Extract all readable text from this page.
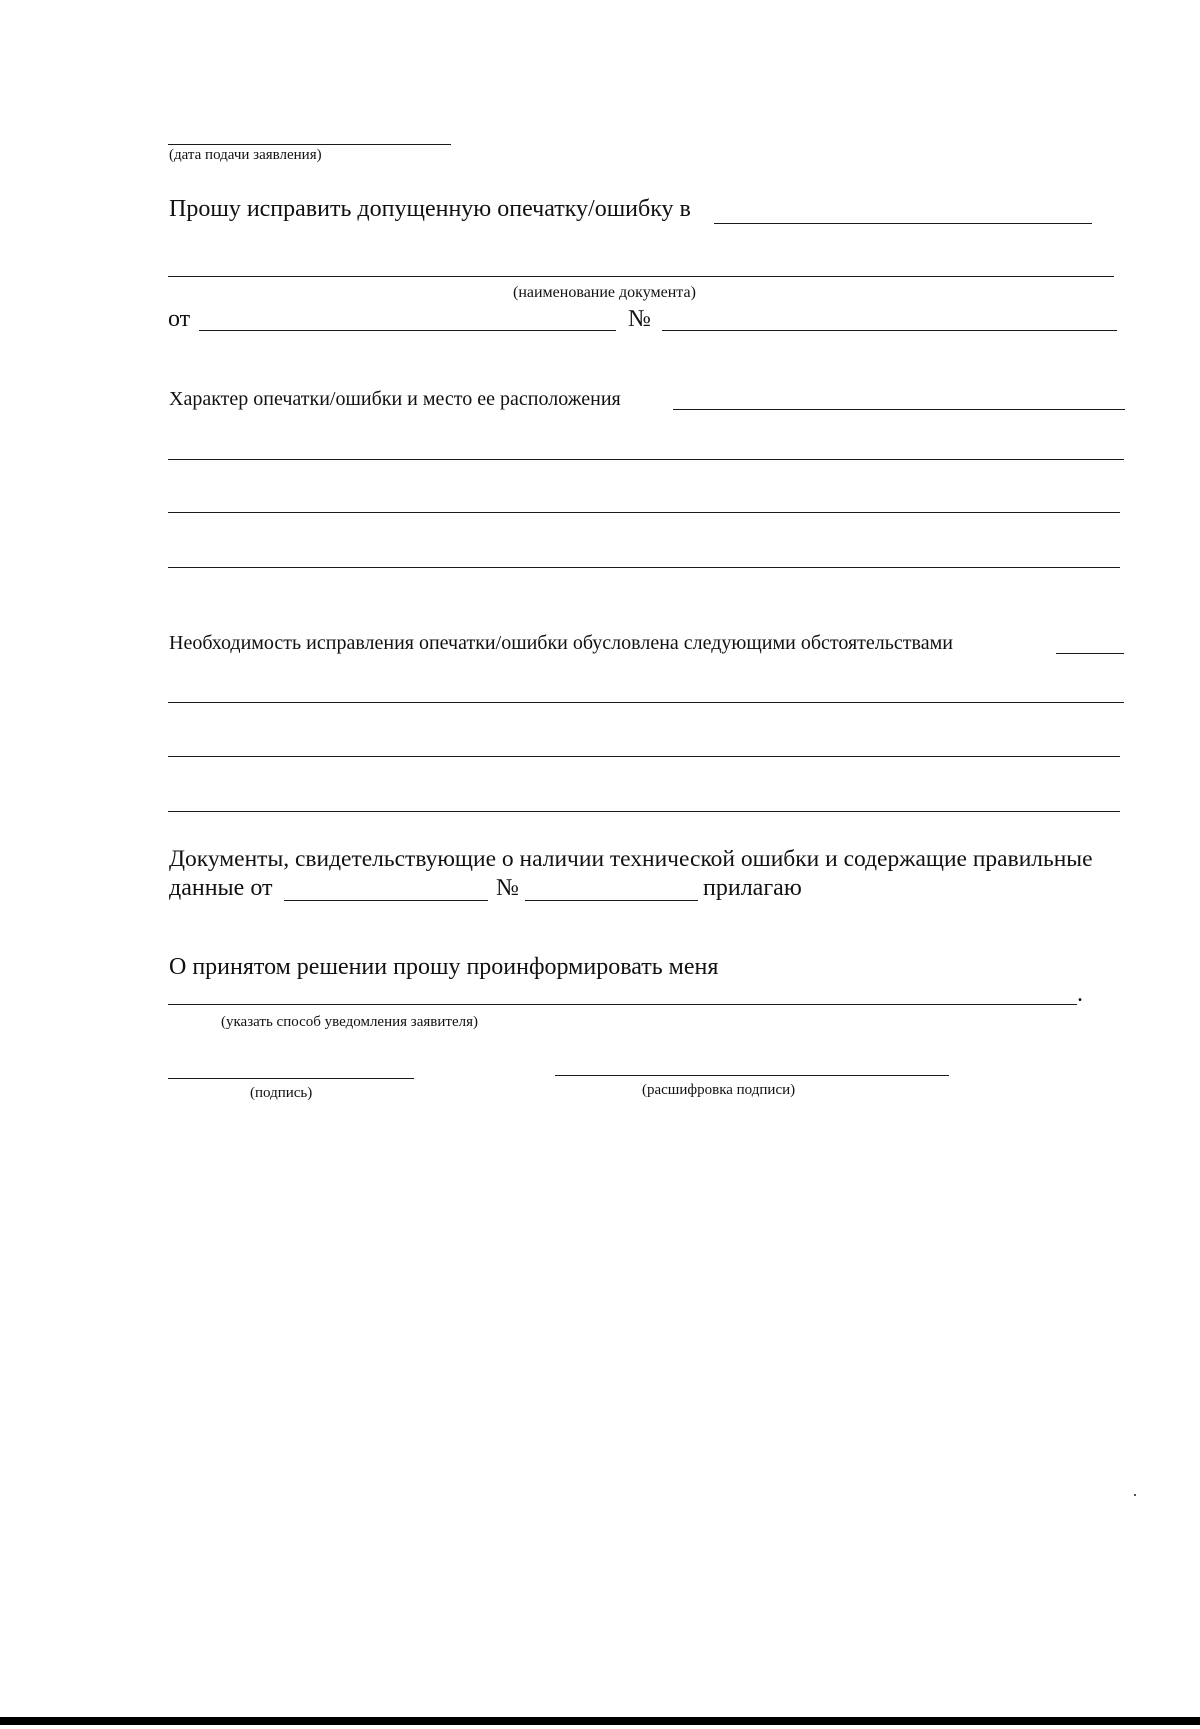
(дата подачи заявления)
Прошу исправить допущенную опечатку/ошибку в
(наименование документа)
от	№
Характер опечатки/ошибки и место ее расположения
Необходимость исправления опечатки/ошибки обусловлена следующими обстоятельствами
Документы, свидетельствующие о наличии технической ошибки и содержащие правильные
данные от	№	прилагаю
О принятом решении прошу проинформировать меня
.
(указать способ уведомления заявителя)
(подпись)	(расшифровка подписи)
